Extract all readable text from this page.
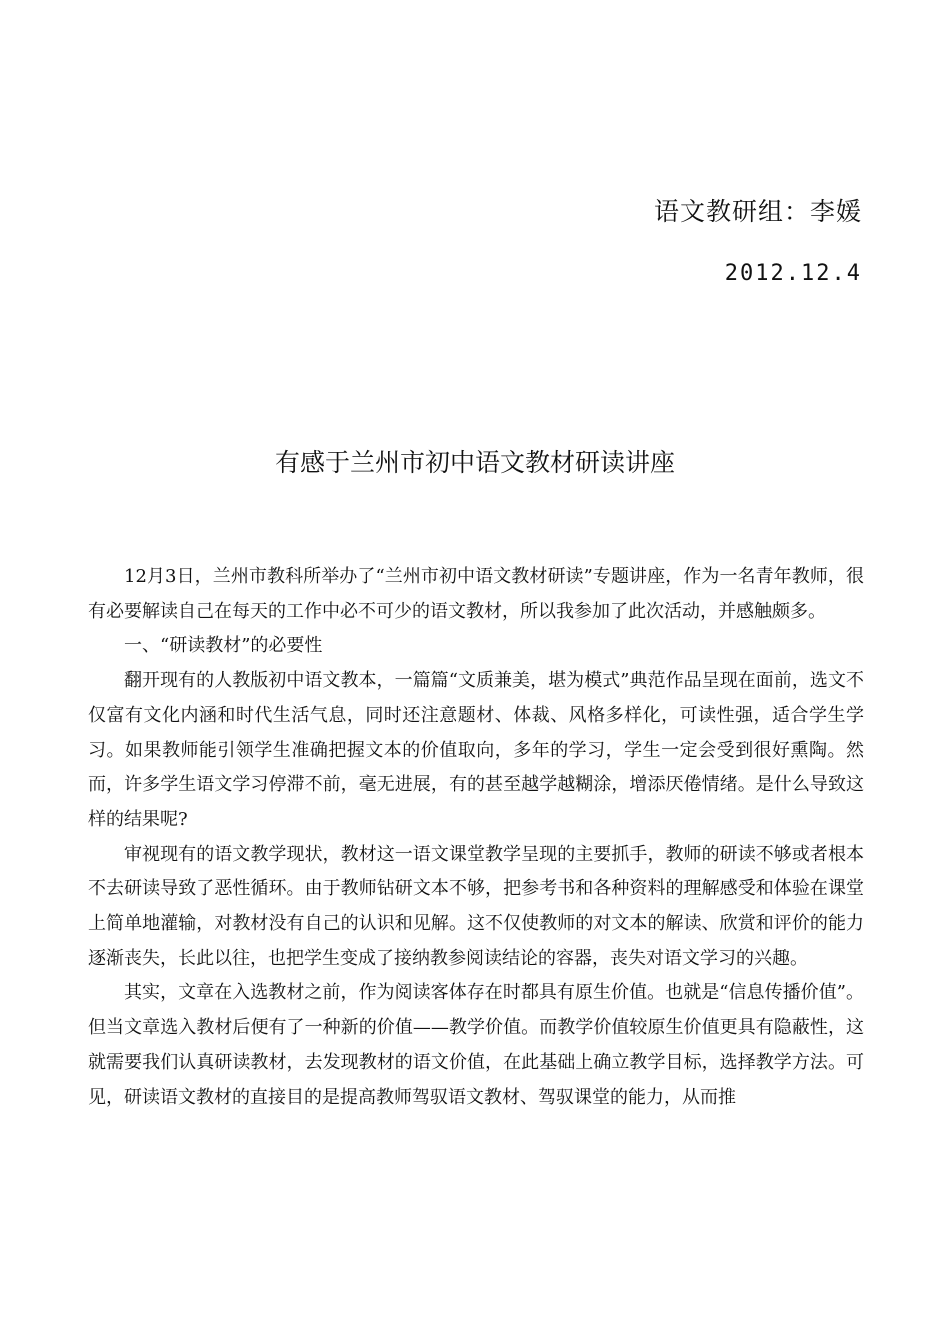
语文教研组：李媛
2012.12.4
有感于兰州市初中语文教材研读讲座

12月3日，兰州市教科所举办了“兰州市初中语文教材研读”专题讲座，作为一名青年教师，很有必要解读自己在每天的工作中必不可少的语文教材，所以我参加了此次活动，并感触颇多。

一、“研读教材”的必要性

翻开现有的人教版初中语文教本，一篇篇“文质兼美，堪为模式”典范作品呈现在面前，选文不仅富有文化内涵和时代生活气息，同时还注意题材、体裁、风格多样化，可读性强，适合学生学习。如果教师能引领学生准确把握文本的价值取向，多年的学习，学生一定会受到很好熏陶。然而，许多学生语文学习停滞不前，毫无进展，有的甚至越学越糊涂，增添厌倦情绪。是什么导致这样的结果呢?

审视现有的语文教学现状，教材这一语文课堂教学呈现的主要抓手，教师的研读不够或者根本不去研读导致了恶性循环。由于教师钻研文本不够，把参考书和各种资料的理解感受和体验在课堂上简单地灌输，对教材没有自己的认识和见解。这不仅使教师的对文本的解读、欣赏和评价的能力逐渐丧失，长此以往，也把学生变成了接纳教参阅读结论的容器，丧失对语文学习的兴趣。

其实，文章在入选教材之前，作为阅读客体存在时都具有原生价值。也就是“信息传播价值”。但当文章选入教材后便有了一种新的价值——教学价值。而教学价值较原生价值更具有隐蔽性，这就需要我们认真研读教材，去发现教材的语文价值，在此基础上确立教学目标，选择教学方法。可见，研读语文教材的直接目的是提高教师驾驭语文教材、驾驭课堂的能力，从而推
